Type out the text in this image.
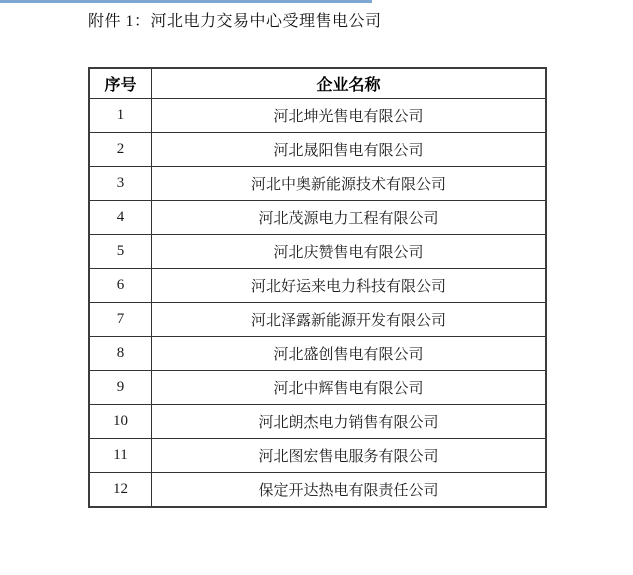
附件 1：河北电力交易中心受理售电公司
序号	企业名称
1	河北坤光售电有限公司
2	河北晟阳售电有限公司
3	河北中奥新能源技术有限公司
4	河北茂源电力工程有限公司
5	河北庆赞售电有限公司
6	河北好运来电力科技有限公司
7	河北泽露新能源开发有限公司
8	河北盛创售电有限公司
9	河北中辉售电有限公司
10	河北朗杰电力销售有限公司
11	河北图宏售电服务有限公司
12	保定开达热电有限责任公司
